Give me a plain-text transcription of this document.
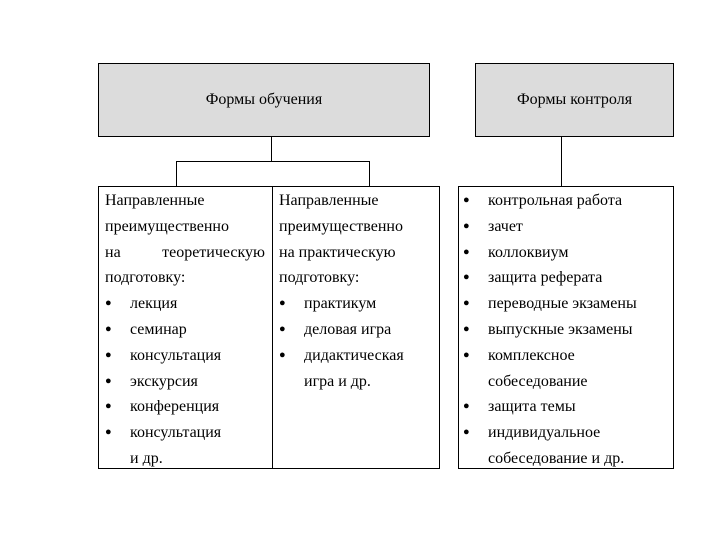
Формы обучения	Формы контроля
Направленные
преимущественно
на	теоретическую
подготовку:
● лекция
● семинар
● консультация
● экскурсия
● конференция
● консультация
и др.
Направленные
преимущественно
на практическую
подготовку:
● практикум
● деловая игра
● дидактическая
игра и др.
● контрольная работа
● зачет
● коллоквиум
● защита реферата
● переводные экзамены
● выпускные экзамены
● комплексное
собеседование
● защита темы
● индивидуальное
собеседование и др.
